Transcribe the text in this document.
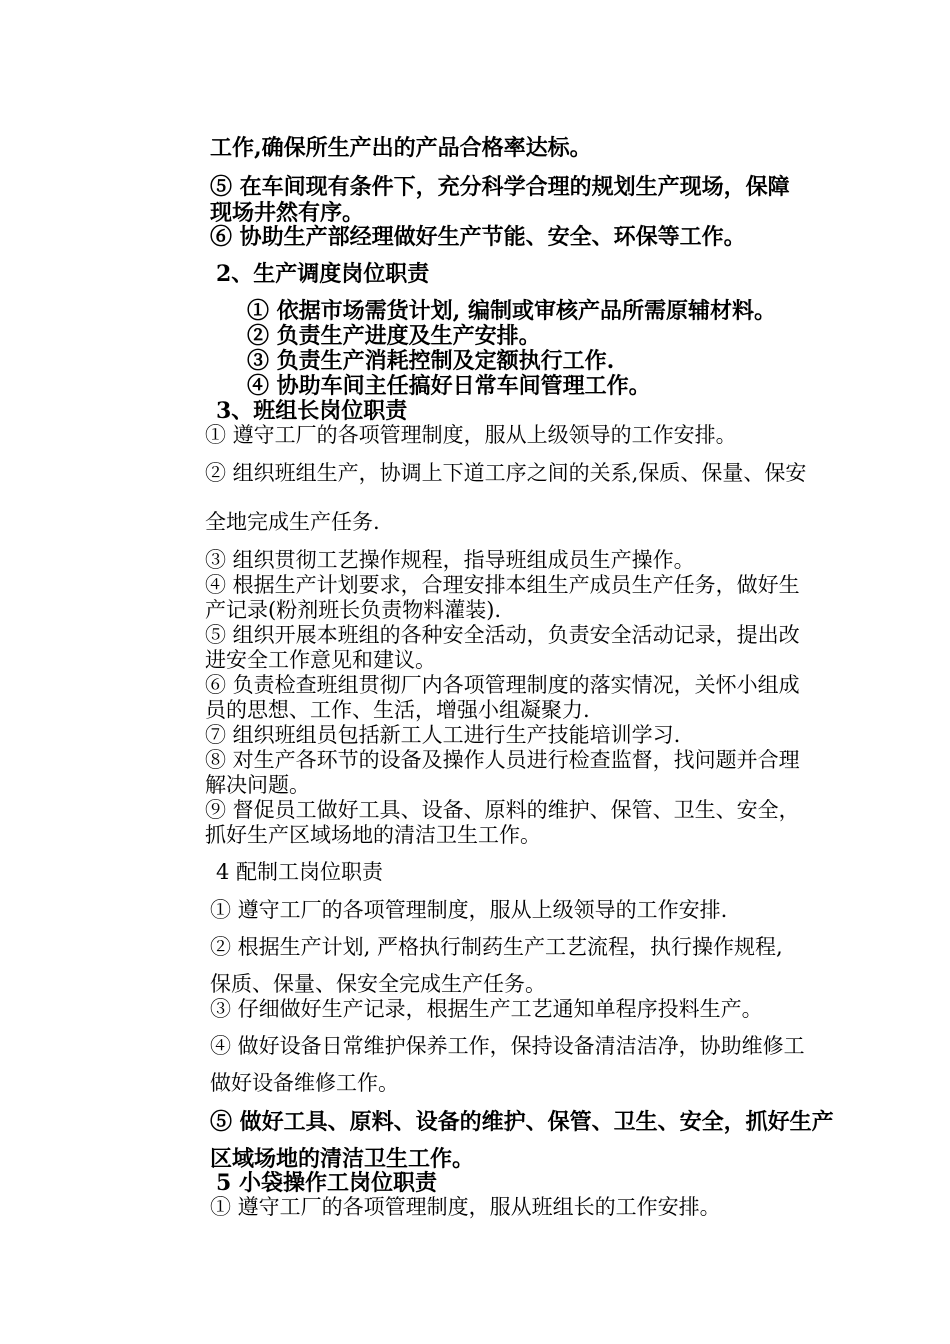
工作,确保所生产出的产品合格率达标。
⑤ 在车间现有条件下，充分科学合理的规划生产现场，保障
现场井然有序。
⑥ 协助生产部经理做好生产节能、安全、环保等工作。
2、生产调度岗位职责
① 依据市场需货计划, 编制或审核产品所需原辅材料。
② 负责生产进度及生产安排。
③ 负责生产消耗控制及定额执行工作.
④ 协助车间主任搞好日常车间管理工作。
3、班组长岗位职责
① 遵守工厂的各项管理制度，服从上级领导的工作安排。
② 组织班组生产，协调上下道工序之间的关系,保质、保量、保安
全地完成生产任务.
③ 组织贯彻工艺操作规程，指导班组成员生产操作。
④ 根据生产计划要求，合理安排本组生产成员生产任务，做好生
产记录(粉剂班长负责物料灌装).
⑤ 组织开展本班组的各种安全活动，负责安全活动记录，提出改
进安全工作意见和建议。
⑥ 负责检查班组贯彻厂内各项管理制度的落实情况，关怀小组成
员的思想、工作、生活，增强小组凝聚力.
⑦ 组织班组员包括新工人工进行生产技能培训学习.
⑧ 对生产各环节的设备及操作人员进行检查监督，找问题并合理
解决问题。
⑨ 督促员工做好工具、设备、原料的维护、保管、卫生、安全，
抓好生产区域场地的清洁卫生工作。
4 配制工岗位职责
① 遵守工厂的各项管理制度，服从上级领导的工作安排.
② 根据生产计划, 严格执行制药生产工艺流程，执行操作规程,
保质、保量、保安全完成生产任务。
③ 仔细做好生产记录，根据生产工艺通知单程序投料生产。
④ 做好设备日常维护保养工作，保持设备清洁洁净，协助维修工
做好设备维修工作。
⑤ 做好工具、原料、设备的维护、保管、卫生、安全，抓好生产
区域场地的清洁卫生工作。
5 小袋操作工岗位职责
① 遵守工厂的各项管理制度，服从班组长的工作安排。
